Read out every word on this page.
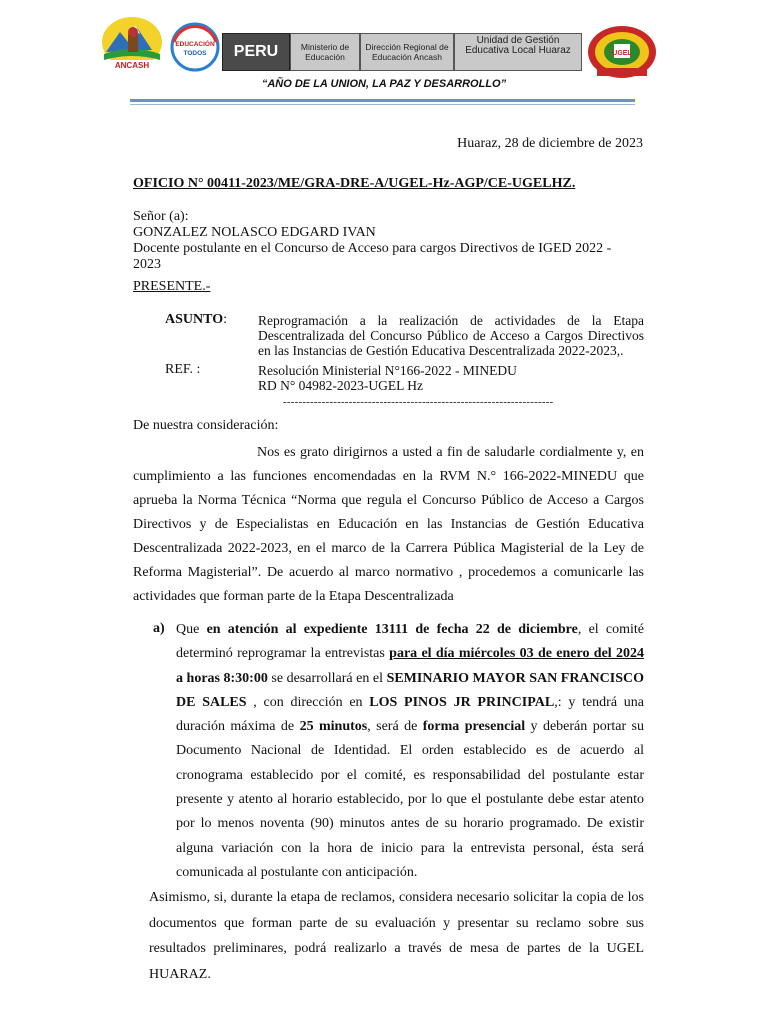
ANCASH
EDUCACIÓN
TODOS	PERU	Ministerio de Educación
Dirección Regional de Educación Ancash
Unidad de Gestión Educativa Local Huaraz	UGEL
“AÑO DE LA UNION, LA PAZ Y DESARROLLO”
Huaraz, 28 de diciembre de 2023
OFICIO N° 00411-2023/ME/GRA-DRE-A/UGEL-Hz-AGP/CE-UGELHZ.
Señor (a):
GONZALEZ NOLASCO EDGARD IVAN
Docente postulante en el Concurso de Acceso para cargos Directivos de IGED 2022 - 2023
PRESENTE.-
ASUNTO: Reprogramación a la realización de actividades de la Etapa Descentralizada del Concurso Público de Acceso a Cargos Directivos en las Instancias de Gestión Educativa Descentralizada 2022-2023,.
REF. :	Resolución Ministerial N°166-2022 - MINEDU
RD N° 04982-2023-UGEL Hz
----------------------------------------------------------------------
De nuestra consideración:
Nos es grato dirigirnos a usted a fin de saludarle cordialmente y, en cumplimiento a las funciones encomendadas en la RVM N.° 166-2022-MINEDU que aprueba la Norma Técnica “Norma que regula el Concurso Público de Acceso a Cargos Directivos y de Especialistas en Educación en las Instancias de Gestión Educativa Descentralizada 2022-2023, en el marco de la Carrera Pública Magisterial de la Ley de Reforma Magisterial”. De acuerdo al marco normativo , procedemos a comunicarle las actividades que forman parte de la Etapa Descentralizada
a) Que en atención al expediente 13111 de fecha 22 de diciembre, el comité determinó reprogramar la entrevistas para el día miércoles 03 de enero del 2024 a horas 8:30:00 se desarrollará en el SEMINARIO MAYOR SAN FRANCISCO DE SALES , con dirección en LOS PINOS JR PRINCIPAL,: y tendrá una duración máxima de 25 minutos, será de forma presencial y deberán portar su Documento Nacional de Identidad. El orden establecido es de acuerdo al cronograma establecido por el comité, es responsabilidad del postulante estar presente y atento al horario establecido, por lo que el postulante debe estar atento por lo menos noventa (90) minutos antes de su horario programado. De existir alguna variación con la hora de inicio para la entrevista personal, ésta será comunicada al postulante con anticipación.
Asimismo, si, durante la etapa de reclamos, considera necesario solicitar la copia de los documentos que forman parte de su evaluación y presentar su reclamo sobre sus resultados preliminares, podrá realizarlo a través de mesa de partes de la UGEL HUARAZ.
